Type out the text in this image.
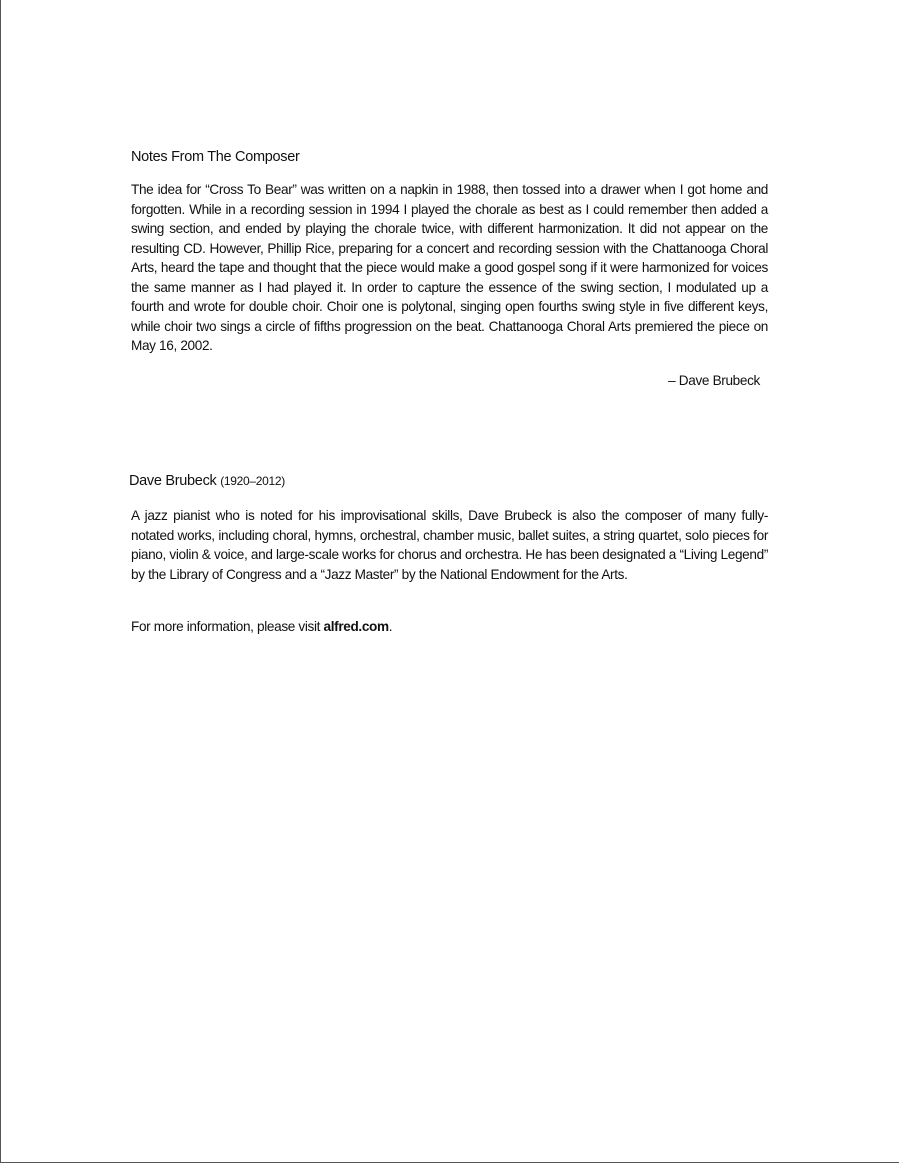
Notes From The Composer

The idea for “Cross To Bear” was written on a napkin in 1988, then tossed into a drawer when I got home and forgotten. While in a recording session in 1994 I played the chorale as best as I could remember then added a swing section, and ended by playing the chorale twice, with different harmonization. It did not appear on the resulting CD. However, Phillip Rice, preparing for a concert and recording session with the Chattanooga Choral Arts, heard the tape and thought that the piece would make a good gospel song if it were harmonized for voices the same manner as I had played it. In order to capture the essence of the swing section, I modulated up a fourth and wrote for double choir. Choir one is polytonal, singing open fourths swing style in five different keys, while choir two sings a circle of fifths progression on the beat. Chattanooga Choral Arts premiered the piece on May 16, 2002.

– Dave Brubeck
Dave Brubeck (1920–2012)

A jazz pianist who is noted for his improvisational skills, Dave Brubeck is also the composer of many fully-notated works, including choral, hymns, orchestral, chamber music, ballet suites, a string quartet, solo pieces for piano, violin & voice, and large-scale works for chorus and orchestra. He has been designated a “Living Legend” by the Library of Congress and a “Jazz Master” by the National Endowment for the Arts.

For more information, please visit alfred.com.
